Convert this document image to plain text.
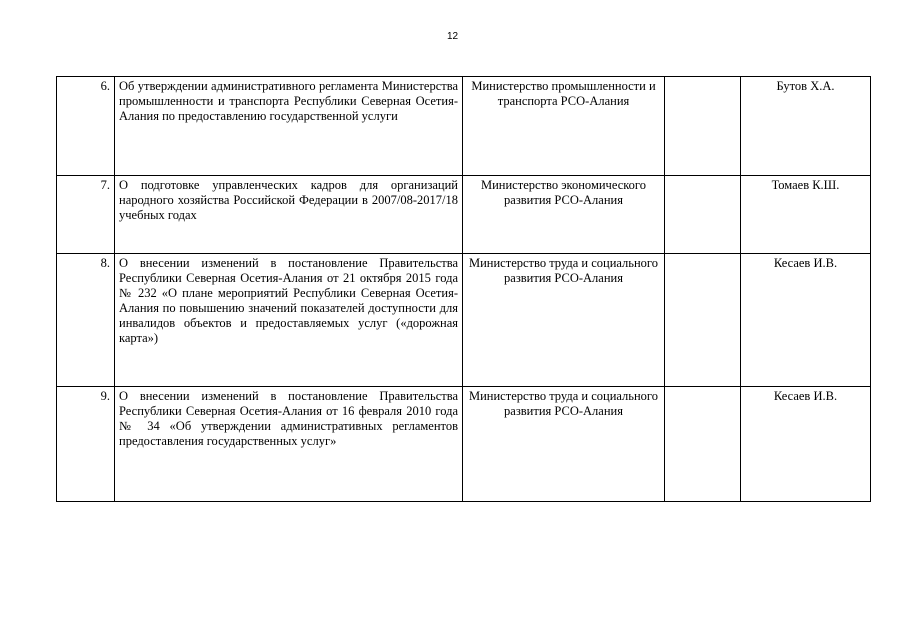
12
6.	Об утверждении административного регламента Министерства промышленности и транспорта Республики Северная Осетия-Алания по предоставлению государственной услуги	Министерство промышленности и транспорта РСО-Алания		Бутов Х.А.
7.	О подготовке управленческих кадров для организаций народного хозяйства Российской Федерации в 2007/08-2017/18 учебных годах	Министерство экономического развития РСО-Алания		Томаев К.Ш.
8.	О внесении изменений в постановление Правительства Республики Северная Осетия-Алания от 21 октября 2015 года № 232 «О плане мероприятий Республики Северная Осетия-Алания по повышению значений показателей доступности для инвалидов объектов и предоставляемых услуг («дорожная карта»)	Министерство труда и социального развития РСО-Алания		Кесаев И.В.
9.	О внесении изменений в постановление Правительства Республики Северная Осетия-Алания от 16 февраля 2010 года № 34 «Об утверждении административных регламентов предоставления государственных услуг»	Министерство труда и социального развития РСО-Алания		Кесаев И.В.
